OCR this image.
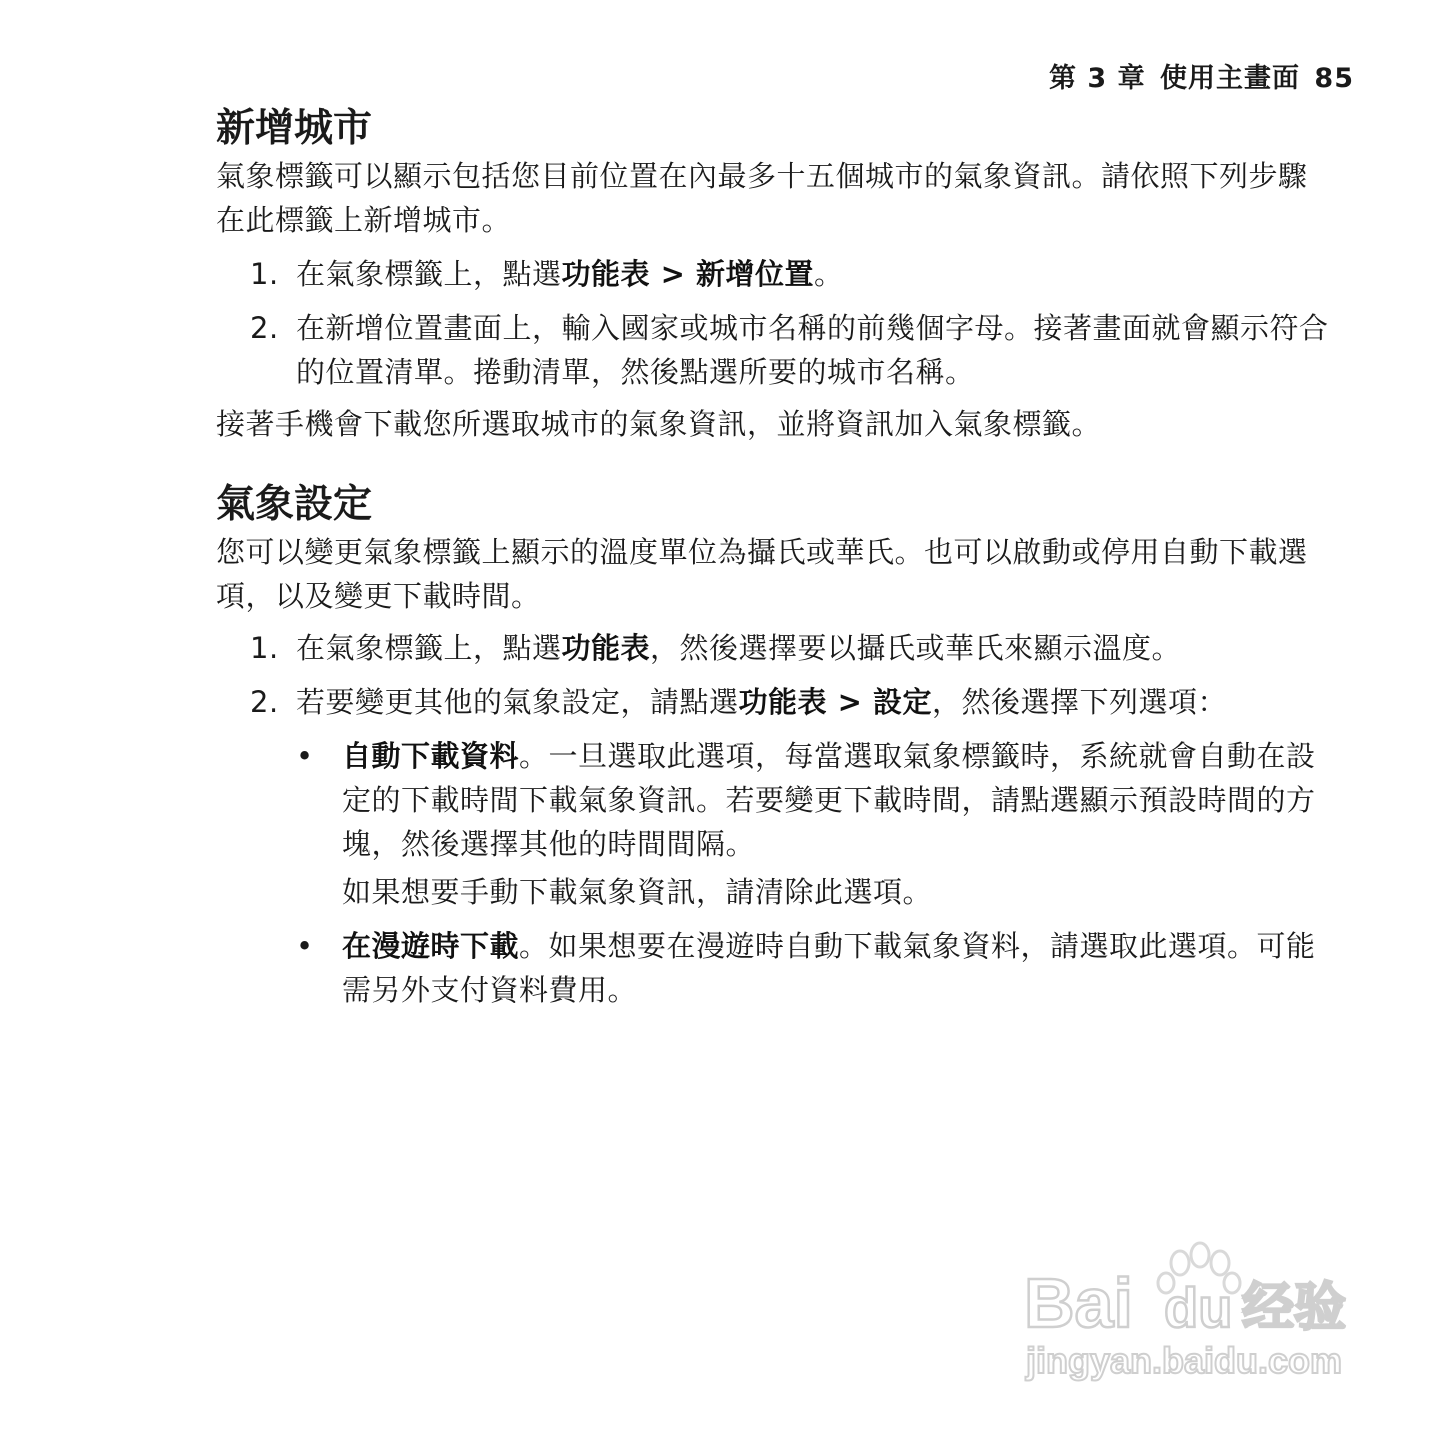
第 3 章 使用主畫面 85
新增城市

氣象標籤可以顯示包括您目前位置在內最多十五個城市的氣象資訊。請依照下列步驟在此標籤上新增城市。

1. 在氣象標籤上，點選功能表 > 新增位置。
2. 在新增位置畫面上，輸入國家或城市名稱的前幾個字母。接著畫面就會顯示符合的位置清單。捲動清單，然後點選所要的城市名稱。

接著手機會下載您所選取城市的氣象資訊，並將資訊加入氣象標籤。

氣象設定

您可以變更氣象標籤上顯示的溫度單位為攝氏或華氏。也可以啟動或停用自動下載選項，以及變更下載時間。

1. 在氣象標籤上，點選功能表，然後選擇要以攝氏或華氏來顯示溫度。
2. 若要變更其他的氣象設定，請點選功能表 > 設定，然後選擇下列選項：
• 自動下載資料。一旦選取此選項，每當選取氣象標籤時，系統就會自動在設定的下載時間下載氣象資訊。若要變更下載時間，請點選顯示預設時間的方塊，然後選擇其他的時間間隔。
如果想要手動下載氣象資訊，請清除此選項。
• 在漫遊時下載。如果想要在漫遊時自動下載氣象資料，請選取此選項。可能需另外支付資料費用。
Bai du 经验
jingyan.baidu.com
